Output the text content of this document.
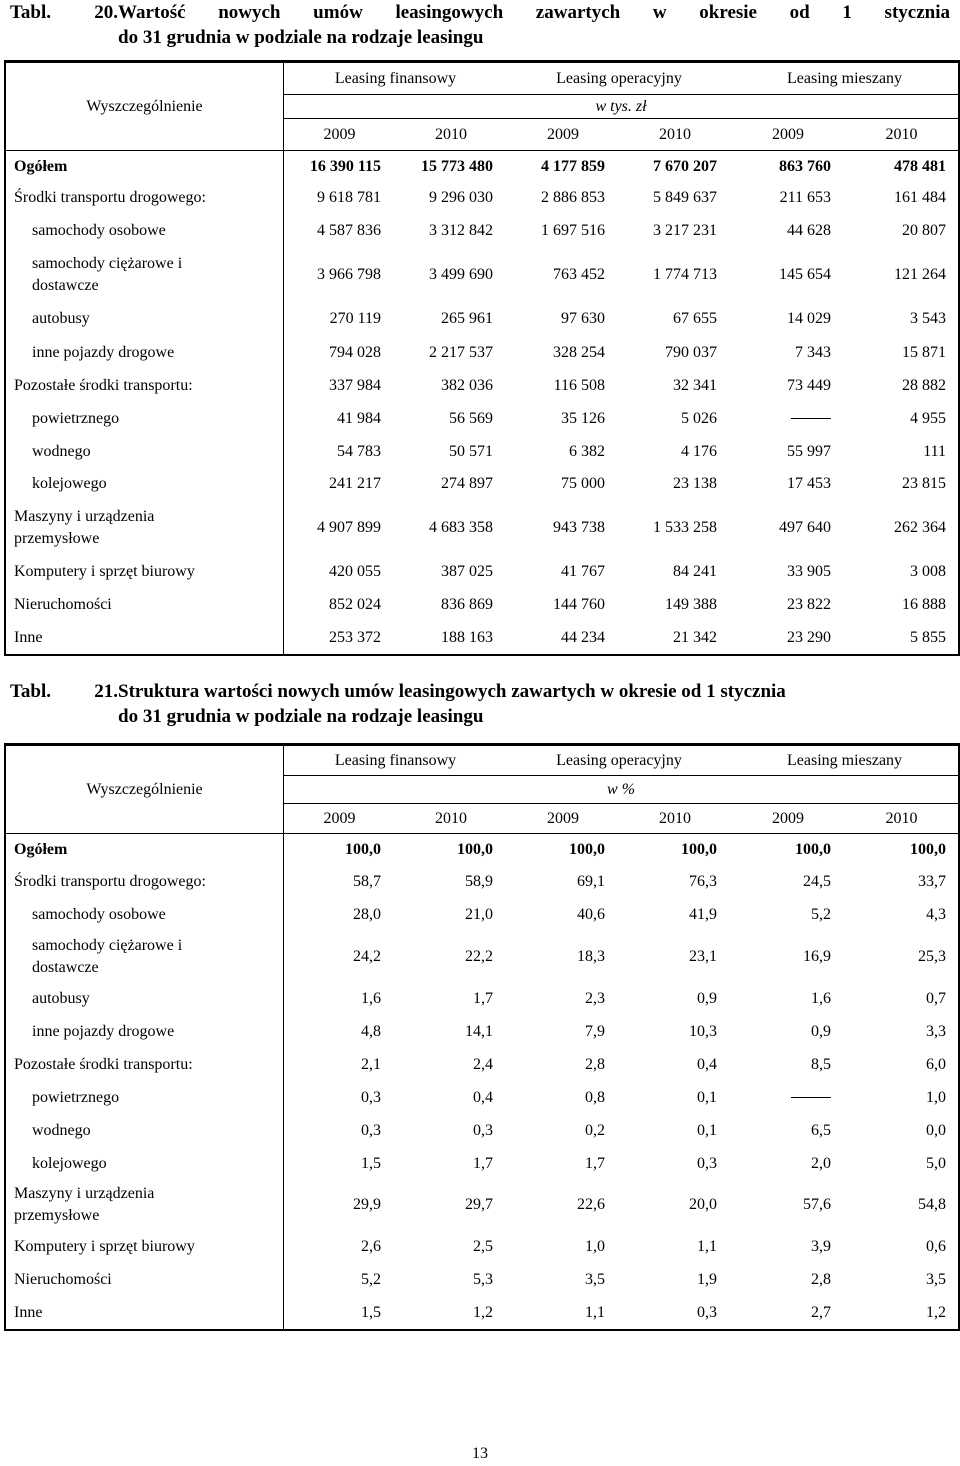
Tabl. 20. Wartość nowych umów leasingowych zawartych w okresie od 1 stycznia
do 31 grudnia w podziale na rodzaje leasingu
Wyszczególnienie	Leasing finansowy		Leasing operacyjny		Leasing mieszany	
	w tys. zł					
	2009	2010	2009	2010	2009	2010
Ogółem	16 390 115	15 773 480	4 177 859	7 670 207	863 760	478 481
Środki transportu drogowego:	9 618 781	9 296 030	2 886 853	5 849 637	211 653	161 484
samochody osobowe	4 587 836	3 312 842	1 697 516	3 217 231	44 628	20 807
samochody ciężarowe i dostawcze	3 966 798	3 499 690	763 452	1 774 713	145 654	121 264
autobusy	270 119	265 961	97 630	67 655	14 029	3 543
inne pojazdy drogowe	794 028	2 217 537	328 254	790 037	7 343	15 871
Pozostałe środki transportu:	337 984	382 036	116 508	32 341	73 449	28 882
powietrznego	41 984	56 569	35 126	5 026		4 955
wodnego	54 783	50 571	6 382	4 176	55 997	111
kolejowego	241 217	274 897	75 000	23 138	17 453	23 815
Maszyny i urządzenia przemysłowe	4 907 899	4 683 358	943 738	1 533 258	497 640	262 364
Komputery i sprzęt biurowy	420 055	387 025	41 767	84 241	33 905	3 008
Nieruchomości	852 024	836 869	144 760	149 388	23 822	16 888
Inne	253 372	188 163	44 234	21 342	23 290	5 855
Tabl. 21. Struktura wartości nowych umów leasingowych zawartych w okresie od 1 stycznia
do 31 grudnia w podziale na rodzaje leasingu
Wyszczególnienie	Leasing finansowy		Leasing operacyjny		Leasing mieszany	
	w %					
	2009	2010	2009	2010	2009	2010
Ogółem	100,0	100,0	100,0	100,0	100,0	100,0
Środki transportu drogowego:	58,7	58,9	69,1	76,3	24,5	33,7
samochody osobowe	28,0	21,0	40,6	41,9	5,2	4,3
samochody ciężarowe i dostawcze	24,2	22,2	18,3	23,1	16,9	25,3
autobusy	1,6	1,7	2,3	0,9	1,6	0,7
inne pojazdy drogowe	4,8	14,1	7,9	10,3	0,9	3,3
Pozostałe środki transportu:	2,1	2,4	2,8	0,4	8,5	6,0
powietrznego	0,3	0,4	0,8	0,1		1,0
wodnego	0,3	0,3	0,2	0,1	6,5	0,0
kolejowego	1,5	1,7	1,7	0,3	2,0	5,0
Maszyny i urządzenia przemysłowe	29,9	29,7	22,6	20,0	57,6	54,8
Komputery i sprzęt biurowy	2,6	2,5	1,0	1,1	3,9	0,6
Nieruchomości	5,2	5,3	3,5	1,9	2,8	3,5
Inne	1,5	1,2	1,1	0,3	2,7	1,2
13
